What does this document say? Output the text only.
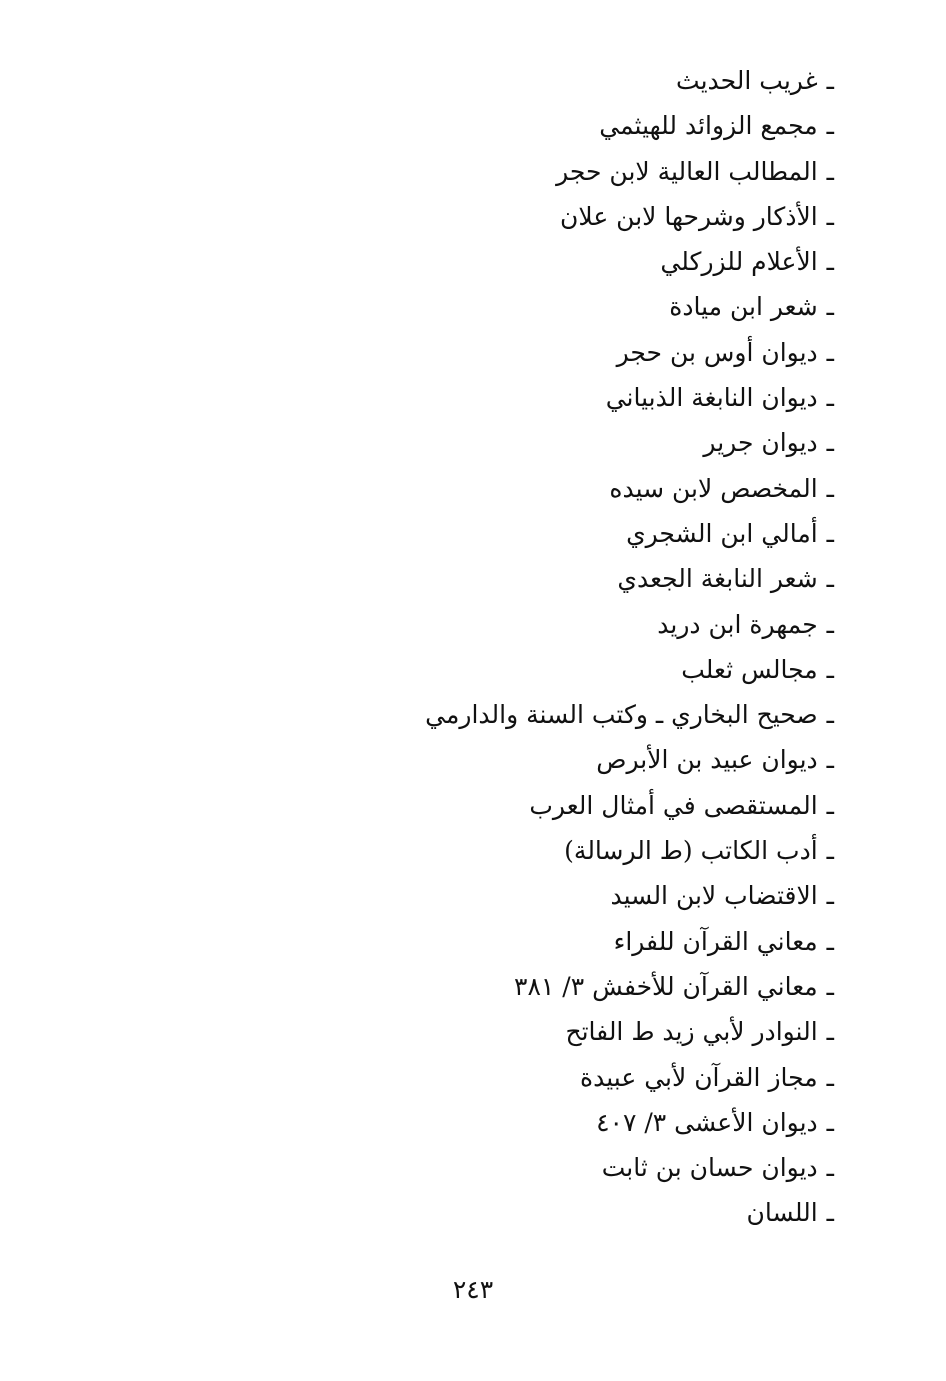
ـغريب الحديث
ـمجمع الزوائد للهيثمي
ـالمطالب العالية لابن حجر
ـالأذكار وشرحها لابن علان
ـالأعلام للزركلي
ـشعر ابن ميادة
ـديوان أوس بن حجر
ـديوان النابغة الذبياني
ـديوان جرير
ـالمخصص لابن سيده
ـأمالي ابن الشجري
ـشعر النابغة الجعدي
ـجمهرة ابن دريد
ـمجالس ثعلب
ـصحيح البخاري ـ وكتب السنة والدارمي
ـديوان عبيد بن الأبرص
ـالمستقصى في أمثال العرب
ـأدب الكاتب (ط الرسالة)
ـالاقتضاب لابن السيد
ـمعاني القرآن للفراء
ـمعاني القرآن للأخفش ٣/ ٣٨١
ـالنوادر لأبي زيد ط الفاتح
ـمجاز القرآن لأبي عبيدة
ـديوان الأعشى ٣/ ٤٠٧
ـديوان حسان بن ثابت
ـاللسان
٢٤٣
